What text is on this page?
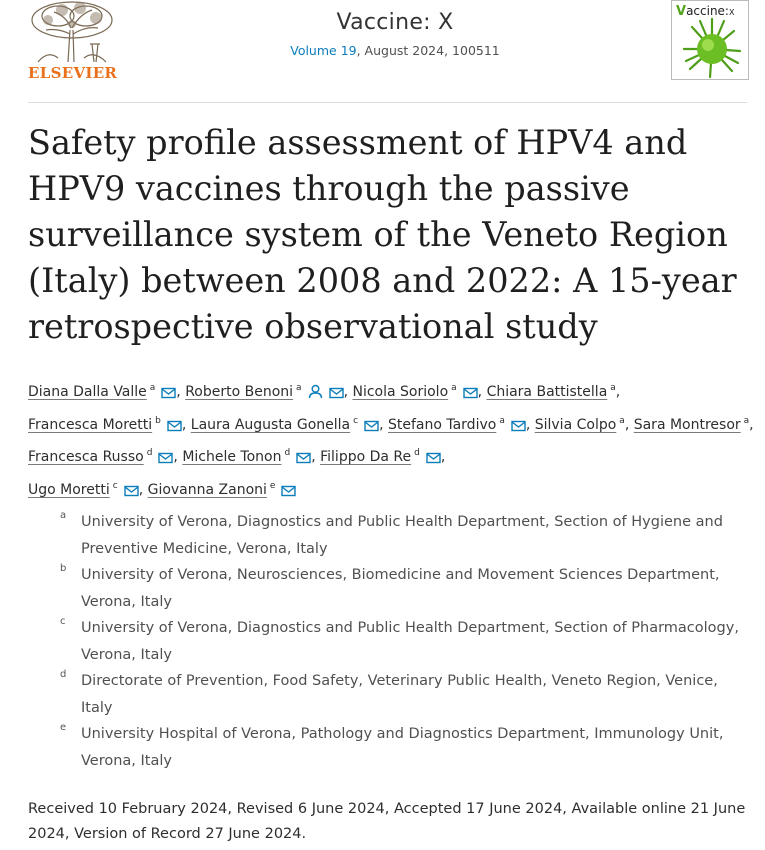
ELSEVIER
Vaccine: X
Volume 19, August 2024, 100511
Vaccine:X
Safety profile assessment of HPV4 and HPV9 vaccines through the passive surveillance system of the Veneto Region (Italy) between 2008 and 2022: A 15-year retrospective observational study
Diana Dalla Valle $^a$ , Roberto Benoni $^a$	, Nicola Soriolo $^a$ , Chiara Battistella $^a$, Francesca Moretti $^b$ , Laura Augusta Gonella $^c$ , Stefano Tardivo $^a$ , Silvia Colpo $^a$, Sara Montresor $^a$, Francesca Russo $^d$ , Michele Tonon $^d$ , Filippo Da Re $^d$ ,
Ugo Moretti $^c$ , Giovanna Zanoni $^e$
a University of Verona, Diagnostics and Public Health Department, Section of Hygiene and Preventive Medicine, Verona, Italy
b University of Verona, Neurosciences, Biomedicine and Movement Sciences Department, Verona, Italy
c University of Verona, Diagnostics and Public Health Department, Section of Pharmacology, Verona, Italy
d Directorate of Prevention, Food Safety, Veterinary Public Health, Veneto Region, Venice, Italy
e University Hospital of Verona, Pathology and Diagnostics Department, Immunology Unit, Verona, Italy
Received 10 February 2024, Revised 6 June 2024, Accepted 17 June 2024, Available online 21 June 2024, Version of Record 27 June 2024.
